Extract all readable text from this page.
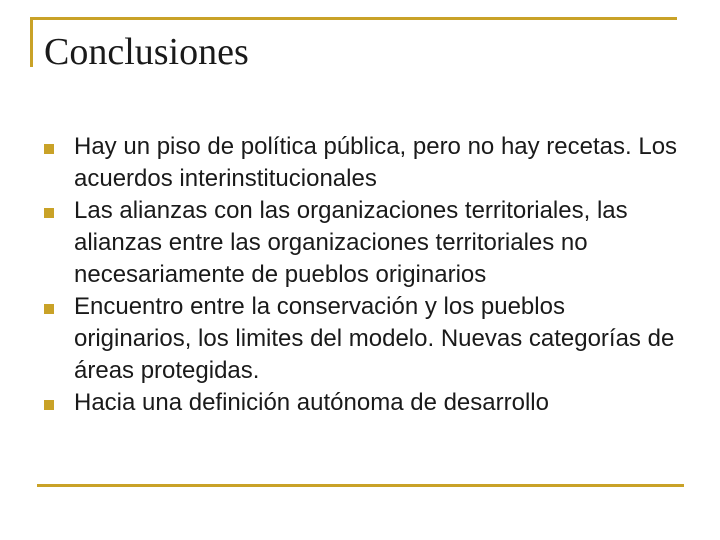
Conclusiones
Hay un piso de política pública, pero no hay recetas. Los acuerdos interinstitucionales
Las alianzas con las organizaciones territoriales, las alianzas entre las organizaciones territoriales no necesariamente de pueblos originarios
Encuentro entre la conservación y los pueblos originarios, los limites del modelo. Nuevas categorías de áreas protegidas.
Hacia una definición autónoma de desarrollo
